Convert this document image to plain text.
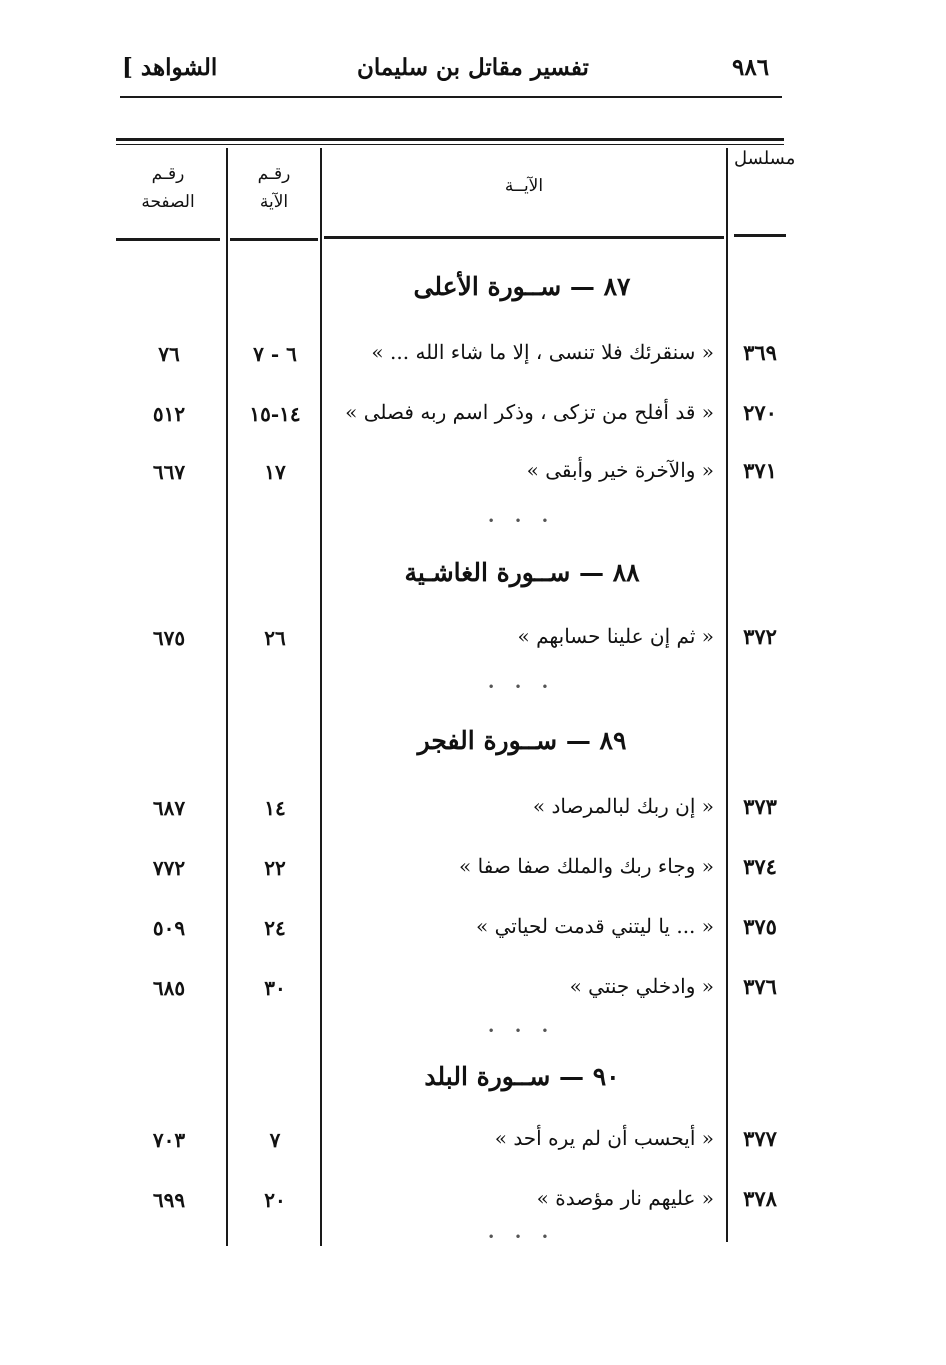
٩٨٦
تفسير مقاتل بن سليمان
[ الشواهد
رقـم
الصفحة
رقـم
الآية
الآيــة
مسلسل
٨٧ — ســورة الأعلى
٣٦٩
« سنقرئك فلا تنسى ، إلا ما شاء الله ... »
٦ - ٧
٧٦
٢٧٠
« قد أفلح من تزكى ، وذكر اسم ربه فصلى »
١٤-١٥
٥١٢
٣٧١
« والآخرة خير وأبقى »
١٧
٦٦٧
• • •
٨٨ — ســورة الغاشـية
٣٧٢
« ثم إن علينا حسابهم »
٢٦
٦٧٥
• • •
٨٩ — ســورة الفجر
٣٧٣
« إن ربك لبالمرصاد »
١٤
٦٨٧
٣٧٤
« وجاء ربك والملك صفا صفا »
٢٢
٧٧٢
٣٧٥
« ... يا ليتني قدمت لحياتي »
٢٤
٥٠٩
٣٧٦
« وادخلي جنتي »
٣٠
٦٨٥
• • •
٩٠ — ســورة البلد
٣٧٧
« أيحسب أن لم يره أحد »
٧
٧٠٣
٣٧٨
« عليهم نار مؤصدة »
٢٠
٦٩٩
• • •
